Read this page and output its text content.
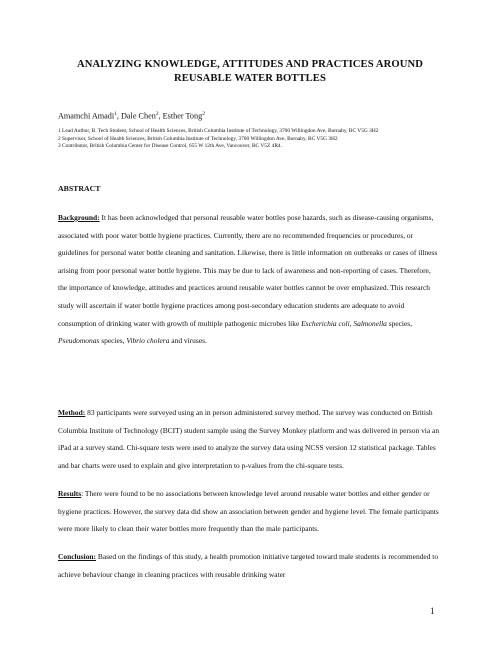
ANALYZING KNOWLEDGE, ATTITUDES AND PRACTICES AROUND
REUSABLE WATER BOTTLES
Amamchi Amadi$^1$, Dale Chen$^2$, Esther Tong$^2$

1 Lead Author, B. Tech Student, School of Health Sciences, British Columbia Institute of Technology, 3700 Willingdon Ave, Burnaby, BC V5G 3H2

2 Supervisor, School of Health Sciences, British Columbia Institute of Technology, 3700 Willingdon Ave, Burnaby, BC V5G 3H2

3 Contributor, British Columbia Center for Disease Control, 655 W 12th Ave, Vancouver, BC V5Z 4R4.

ABSTRACT

Background: It has been acknowledged that personal reusable water bottles pose hazards, such as disease-causing organisms, associated with poor water bottle hygiene practices. Currently, there are no recommended frequencies or procedures, or guidelines for personal water bottle cleaning and sanitation. Likewise, there is little information on outbreaks or cases of illness arising from poor personal water bottle hygiene. This may be due to lack of awareness and non-reporting of cases. Therefore, the importance of knowledge, attitudes and practices around reusable water bottles cannot be over emphasized. This research study will ascertain if water bottle hygiene practices among post-secondary education students are adequate to avoid consumption of drinking water with growth of multiple pathogenic microbes like Escherichia coli, Salmonella species, Pseudomonas species, Vibrio cholera and viruses.

Method: 83 participants were surveyed using an in person administered survey method. The survey was conducted on British Columbia Institute of Technology (BCIT) student sample using the Survey Monkey platform and was delivered in person via an iPad at a survey stand. Chi-square tests were used to analyze the survey data using NCSS version 12 statistical package. Tables and bar charts were used to explain and give interpretation to p-values from the chi-square tests.

Results: There were found to be no associations between knowledge level around reusable water bottles and either gender or hygiene practices. However, the survey data did show an association between gender and hygiene level. The female participants were more likely to clean their water bottles more frequently than the male participants.

Conclusion: Based on the findings of this study, a health promotion initiative targeted toward male students is recommended to achieve behaviour change in cleaning practices with reusable drinking water

1
